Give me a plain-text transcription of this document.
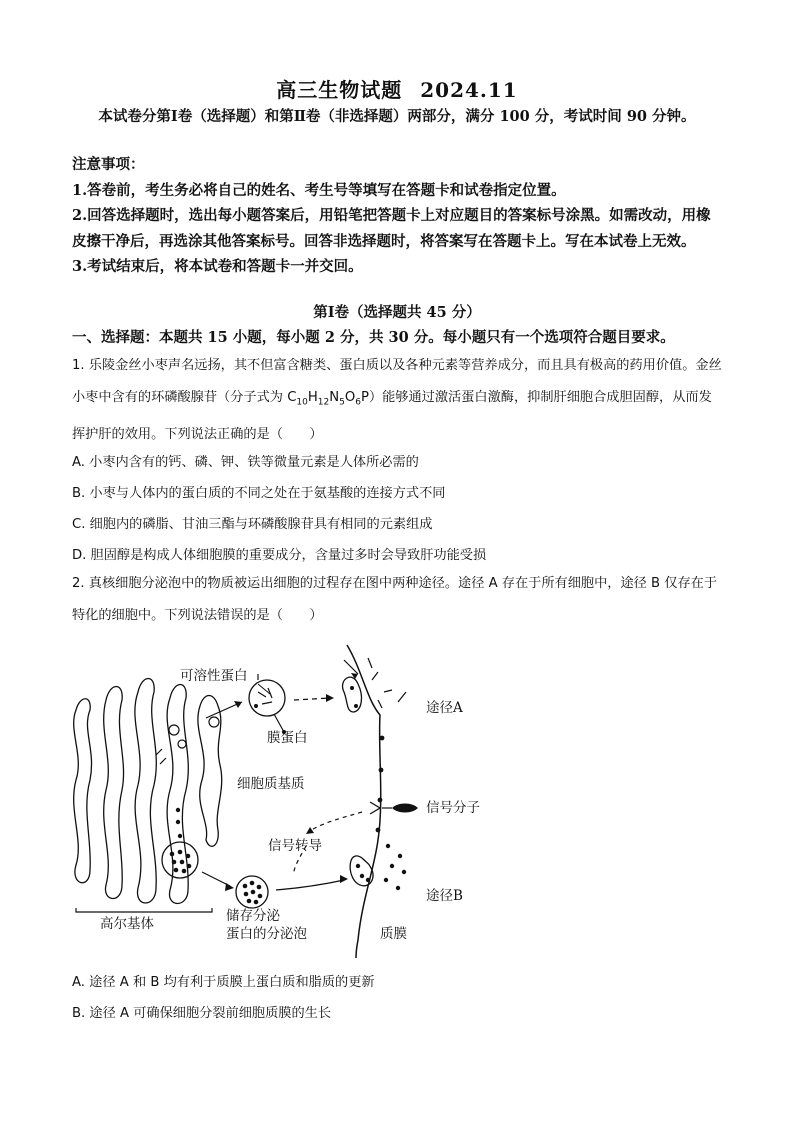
高三生物试题 2024.11
本试卷分第Ⅰ卷（选择题）和第Ⅱ卷（非选择题）两部分，满分 100 分，考试时间 90 分钟。

注意事项：

1.答卷前，考生务必将自己的姓名、考生号等填写在答题卡和试卷指定位置。

2.回答选择题时，选出每小题答案后，用铅笔把答题卡上对应题目的答案标号涂黑。如需改动，用橡皮擦干净后，再选涂其他答案标号。回答非选择题时，将答案写在答题卡上。写在本试卷上无效。

3.考试结束后，将本试卷和答题卡一并交回。

第Ⅰ卷（选择题共 45 分）
一、选择题：本题共 15 小题，每小题 2 分，共 30 分。每小题只有一个选项符合题目要求。

1. 乐陵金丝小枣声名远扬，其不但富含糖类、蛋白质以及各种元素等营养成分，而且具有极高的药用价值。金丝小枣中含有的环磷酸腺苷（分子式为 $C_{10}H_{12}N_5O_6P$）能够通过激活蛋白激酶，抑制肝细胞合成胆固醇，从而发挥护肝的效用。下列说法正确的是（　　）

A. 小枣内含有的钙、磷、钾、铁等微量元素是人体所必需的
B. 小枣与人体内的蛋白质的不同之处在于氨基酸的连接方式不同
C. 细胞内的磷脂、甘油三酯与环磷酸腺苷具有相同的元素组成
D. 胆固醇是构成人体细胞膜的重要成分，含量过多时会导致肝功能受损
2. 真核细胞分泌泡中的物质被运出细胞的过程存在图中两种途径。途径 A 存在于所有细胞中，途径 B 仅存在于特化的细胞中。下列说法错误的是（　　）
可溶性蛋白
膜蛋白
途径A
细胞质基质
信号分子
信号转导
途径B
高尔基体	储存分泌
蛋白的分泌泡	质膜
A. 途径 A 和 B 均有利于质膜上蛋白质和脂质的更新
B. 途径 A 可确保细胞分裂前细胞质膜的生长
